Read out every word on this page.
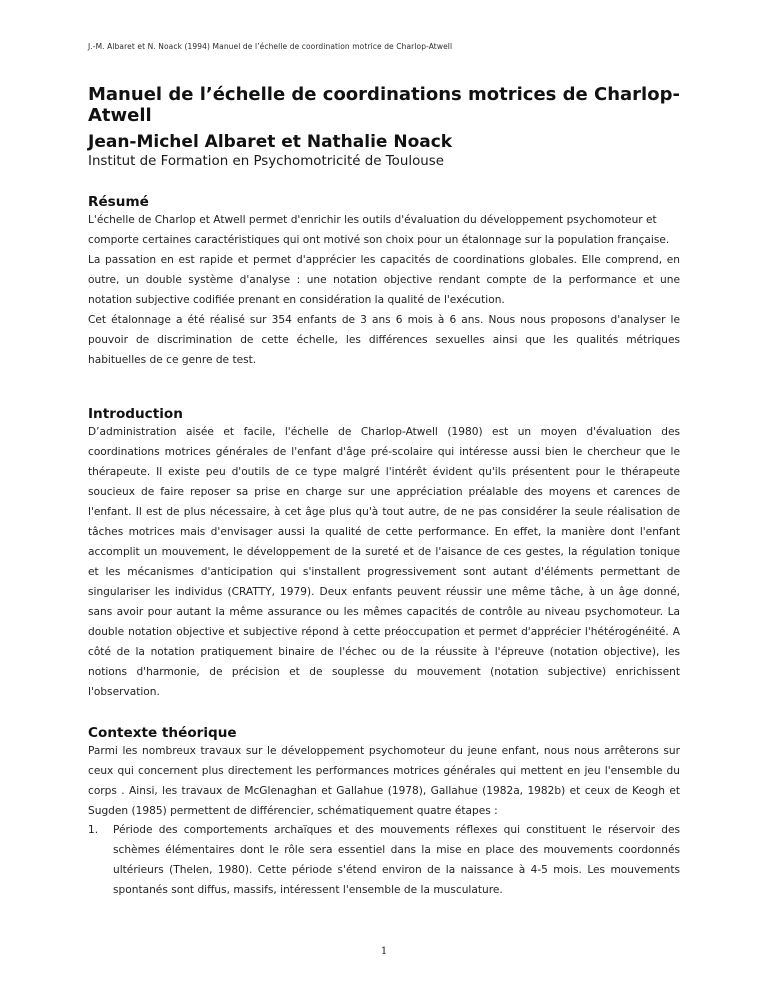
J.-M. Albaret et N. Noack (1994) Manuel de l’échelle de coordination motrice de Charlop-Atwell
Manuel de l’échelle de coordinations motrices de Charlop-Atwell
Jean-Michel Albaret et Nathalie Noack
Institut de Formation en Psychomotricité de Toulouse
Résumé

L'échelle de Charlop et Atwell permet d'enrichir les outils d'évaluation du développement psychomoteur et comporte certaines caractéristiques qui ont motivé son choix pour un étalonnage sur la population française.

La passation en est rapide et permet d'apprécier les capacités de coordinations globales. Elle comprend, en outre, un double système d'analyse : une notation objective rendant compte de la performance et une notation subjective codifiée prenant en considération la qualité de l'exécution.

Cet étalonnage a été réalisé sur 354 enfants de 3 ans 6 mois à 6 ans. Nous nous proposons d'analyser le pouvoir de discrimination de cette échelle, les différences sexuelles ainsi que les qualités métriques habituelles de ce genre de test.

Introduction

D’administration aisée et facile, l'échelle de Charlop-Atwell (1980) est un moyen d'évaluation des coordinations motrices générales de l'enfant d'âge pré-scolaire qui intéresse aussi bien le chercheur que le thérapeute. Il existe peu d'outils de ce type malgré l'intérêt évident qu'ils présentent pour le thérapeute soucieux de faire reposer sa prise en charge sur une appréciation préalable des moyens et carences de l'enfant. Il est de plus nécessaire, à cet âge plus qu'à tout autre, de ne pas considérer la seule réalisation de tâches motrices mais d'envisager aussi la qualité de cette performance. En effet, la manière dont l'enfant accomplit un mouvement, le développement de la sureté et de l'aisance de ces gestes, la régulation tonique et les mécanismes d'anticipation qui s'installent progressivement sont autant d'éléments permettant de singulariser les individus (CRATTY, 1979). Deux enfants peuvent réussir une même tâche, à un âge donné, sans avoir pour autant la même assurance ou les mêmes capacités de contrôle au niveau psychomoteur. La double notation objective et subjective répond à cette préoccupation et permet d'apprécier l'hétérogénéité. A côté de la notation pratiquement binaire de l'échec ou de la réussite à l'épreuve (notation objective), les notions d'harmonie, de précision et de souplesse du mouvement (notation subjective) enrichissent l'observation.

Contexte théorique

Parmi les nombreux travaux sur le développement psychomoteur du jeune enfant, nous nous arrêterons sur ceux qui concernent plus directement les performances motrices générales qui mettent en jeu l'ensemble du corps . Ainsi, les travaux de McGlenaghan et Gallahue (1978), Gallahue (1982a, 1982b) et ceux de Keogh et Sugden (1985) permettent de différencier, schématiquement quatre étapes :

1.	Période des comportements archaïques et des mouvements réflexes qui constituent le réservoir des schèmes élémentaires dont le rôle sera essentiel dans la mise en place des mouvements coordonnés ultérieurs (Thelen, 1980). Cette période s'étend environ de la naissance à 4-5 mois. Les mouvements spontanés sont diffus, massifs, intéressent l'ensemble de la musculature.
1
